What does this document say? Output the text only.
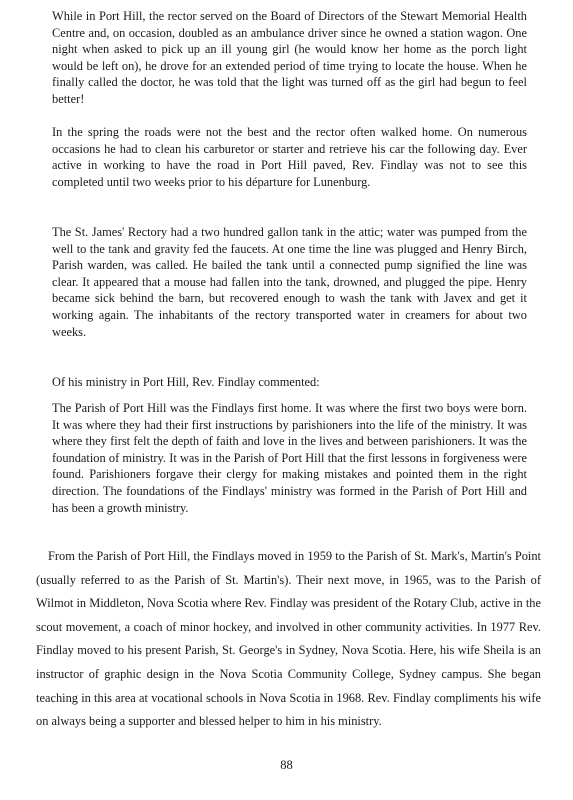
While in Port Hill, the rector served on the Board of Directors of the Stewart Memorial Health Centre and, on occasion, doubled as an ambulance driver since he owned a station wagon. One night when asked to pick up an ill young girl (he would know her home as the porch light would be left on), he drove for an extended period of time trying to locate the house. When he finally called the doctor, he was told that the light was turned off as the girl had begun to feel better!

In the spring the roads were not the best and the rector often walked home. On numerous occasions he had to clean his carburetor or starter and retrieve his car the following day. Ever active in working to have the road in Port Hill paved, Rev. Findlay was not to see this completed until two weeks prior to his départure for Lunenburg.

The St. James' Rectory had a two hundred gallon tank in the attic; water was pumped from the well to the tank and gravity fed the faucets. At one time the line was plugged and Henry Birch, Parish warden, was called. He bailed the tank until a connected pump signified the line was clear. It appeared that a mouse had fallen into the tank, drowned, and plugged the pipe. Henry became sick behind the barn, but recovered enough to wash the tank with Javex and get it working again. The inhabitants of the rectory transported water in creamers for about two weeks.

Of his ministry in Port Hill, Rev. Findlay commented:

The Parish of Port Hill was the Findlays first home. It was where the first two boys were born. It was where they had their first instructions by parishioners into the life of the ministry. It was where they first felt the depth of faith and love in the lives and between parishioners. It was the foundation of ministry. It was in the Parish of Port Hill that the first lessons in forgiveness were found. Parishioners forgave their clergy for making mistakes and pointed them in the right direction. The foundations of the Findlays' ministry was formed in the Parish of Port Hill and has been a growth ministry.

From the Parish of Port Hill, the Findlays moved in 1959 to the Parish of St. Mark's, Martin's Point (usually referred to as the Parish of St. Martin's). Their next move, in 1965, was to the Parish of Wilmot in Middleton, Nova Scotia where Rev. Findlay was president of the Rotary Club, active in the scout movement, a coach of minor hockey, and involved in other community activities. In 1977 Rev. Findlay moved to his present Parish, St. George's in Sydney, Nova Scotia. Here, his wife Sheila is an instructor of graphic design in the Nova Scotia Community College, Sydney campus. She began teaching in this area at vocational schools in Nova Scotia in 1968. Rev. Findlay compliments his wife on always being a supporter and blessed helper to him in his ministry.

88
